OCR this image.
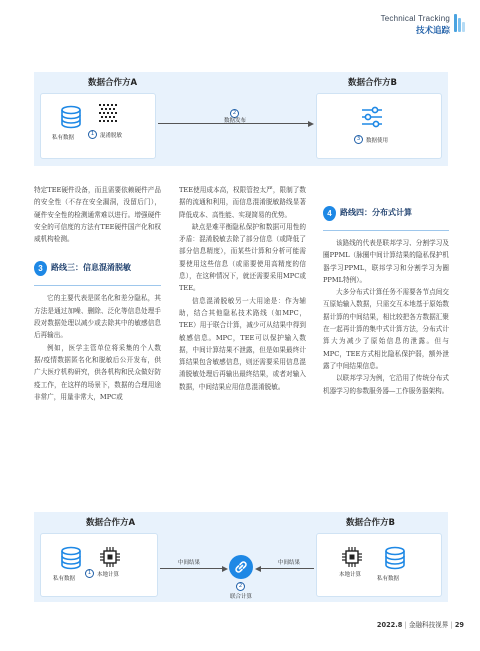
Technical Tracking
技术追踪
数据合作方A	数据合作方B
私有数据
1	混淆脱敏
2
数据发布
3	数据使用

特定TEE硬件设备，而且需要依赖硬件产品的安全性（不存在安全漏洞，没留后门），硬件安全性的检测通常难以进行。增强硬件安全的可信度的方法有TEE硬件国产化和权威机构检测。

3	路线三：信息混淆脱敏

它的主要代表是匿名化和差分隐私，其方法是通过加噪、删除、泛化等信息处理手段对数据处理以减少或去除其中的敏感信息后再输出。

例如，医学主管单位将采集的个人数据/疫情数据匿名化和脱敏后公开发布，供广大医疗机构研究，供各机构和民众做好防疫工作，在这样的场景下，数据的合理用途非常广，用量非常大，MPC或

TEE使用成本高，权限管控太严，限制了数据的流通和利用，而信息混淆脱敏路线显著降低成本、高性能、实现简易的优势。

缺点是难平衡隐私保护和数据可用性的矛盾：混淆脱敏去除了部分信息（或降低了部分信息精度），而某些计算和分析可能需要使用这些信息（或需要使用高精度的信息），在这种情况下，就还需要采用MPC或TEE。

信息混淆脱敏另一大用途是：作为辅助，结合其他隐私技术路线（如MPC，TEE）用于联合计算，减少可从结果中得到敏感信息。MPC，TEE可以保护输入数据，中间计算结果不泄露，但是如果最终计算结果包含敏感信息，则还需要采用信息混淆脱敏处理后再输出最终结果，或者对输入数据，中间结果应用信息混淆脱敏。

4	路线四：分布式计算

该路线的代表是联邦学习、分割学习及圈PPML（脉圈中间计算结果的隐私保护机器学习PPML，联邦学习和分割学习为圈PPML特例）。

大多分布式计算任务不需要各节点间交互原始输入数据，只需交互本地基于原始数据计算的中间结果，相比较把各方数据汇聚在一起再计算的集中式计算方法，分布式计算大为减少了原始信息的泄露。但与MPC，TEE方式相比隐私保护弱，额外泄露了中间结果信息。

以联邦学习为例，它沿用了传统分布式机器学习的参数服务器—工作服务器架构。

数据合作方A	数据合作方B
私有数据
1	本地计算
中间结果
2
联合计算
中间结果
本地计算
私有数据
2022.8 | 金融科技视界 | 29
